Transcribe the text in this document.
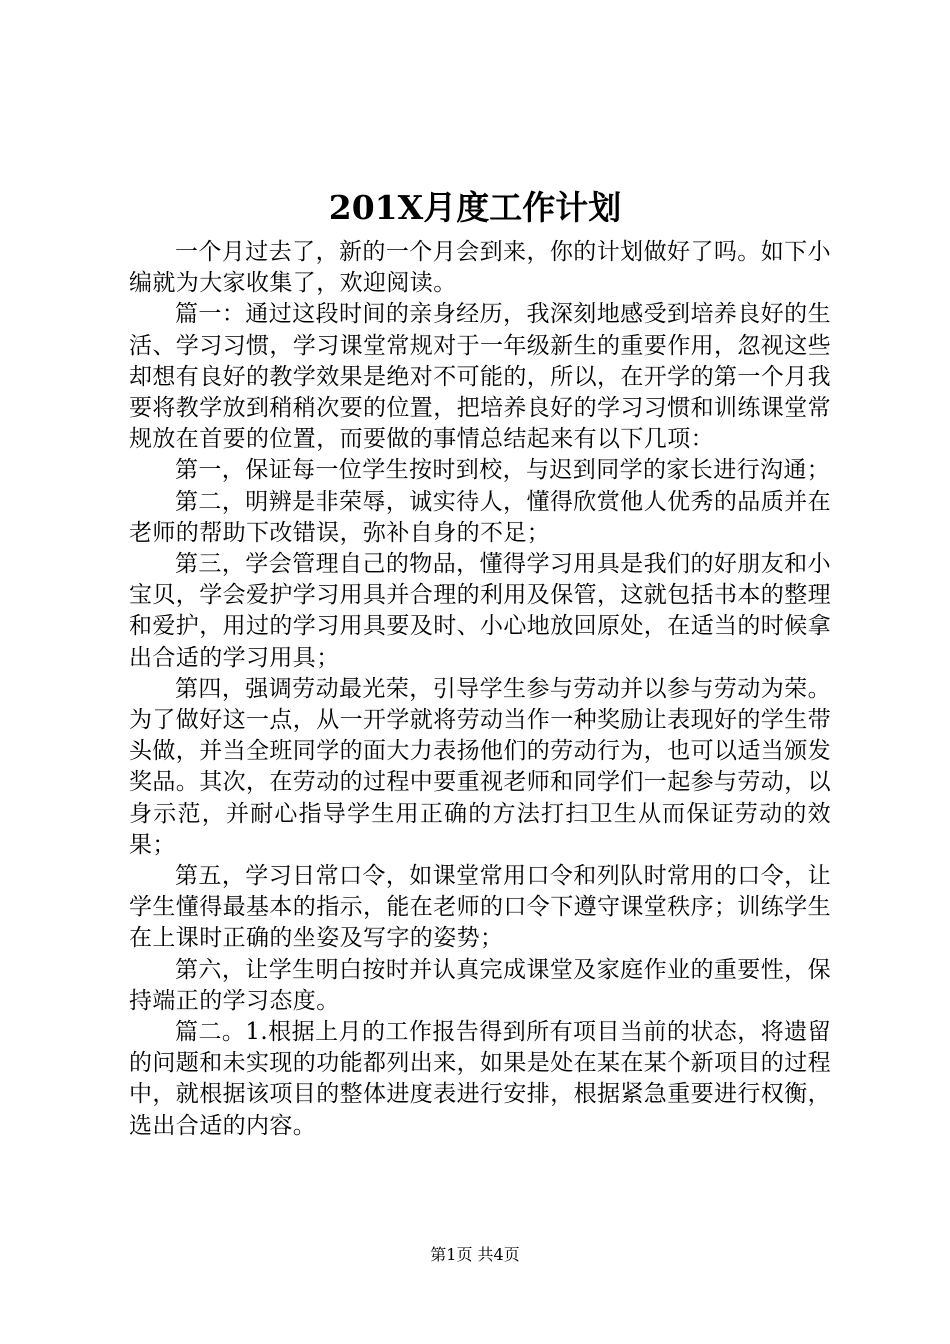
201X月度工作计划

一个月过去了，新的一个月会到来，你的计划做好了吗。如下小编就为大家收集了，欢迎阅读。

篇一：通过这段时间的亲身经历，我深刻地感受到培养良好的生活、学习习惯，学习课堂常规对于一年级新生的重要作用，忽视这些却想有良好的教学效果是绝对不可能的，所以，在开学的第一个月我要将教学放到稍稍次要的位置，把培养良好的学习习惯和训练课堂常规放在首要的位置，而要做的事情总结起来有以下几项：

第一，保证每一位学生按时到校，与迟到同学的家长进行沟通；

第二，明辨是非荣辱，诚实待人，懂得欣赏他人优秀的品质并在老师的帮助下改错误，弥补自身的不足；

第三，学会管理自己的物品，懂得学习用具是我们的好朋友和小宝贝，学会爱护学习用具并合理的利用及保管，这就包括书本的整理和爱护，用过的学习用具要及时、小心地放回原处，在适当的时候拿出合适的学习用具；

第四，强调劳动最光荣，引导学生参与劳动并以参与劳动为荣。为了做好这一点，从一开学就将劳动当作一种奖励让表现好的学生带头做，并当全班同学的面大力表扬他们的劳动行为，也可以适当颁发奖品。其次，在劳动的过程中要重视老师和同学们一起参与劳动，以身示范，并耐心指导学生用正确的方法打扫卫生从而保证劳动的效果；

第五，学习日常口令，如课堂常用口令和列队时常用的口令，让学生懂得最基本的指示，能在老师的口令下遵守课堂秩序；训练学生在上课时正确的坐姿及写字的姿势；

第六，让学生明白按时并认真完成课堂及家庭作业的重要性，保持端正的学习态度。

篇二。1.根据上月的工作报告得到所有项目当前的状态，将遗留的问题和未实现的功能都列出来，如果是处在某在某个新项目的过程中，就根据该项目的整体进度表进行安排，根据紧急重要进行权衡，选出合适的内容。

第1页 共4页
